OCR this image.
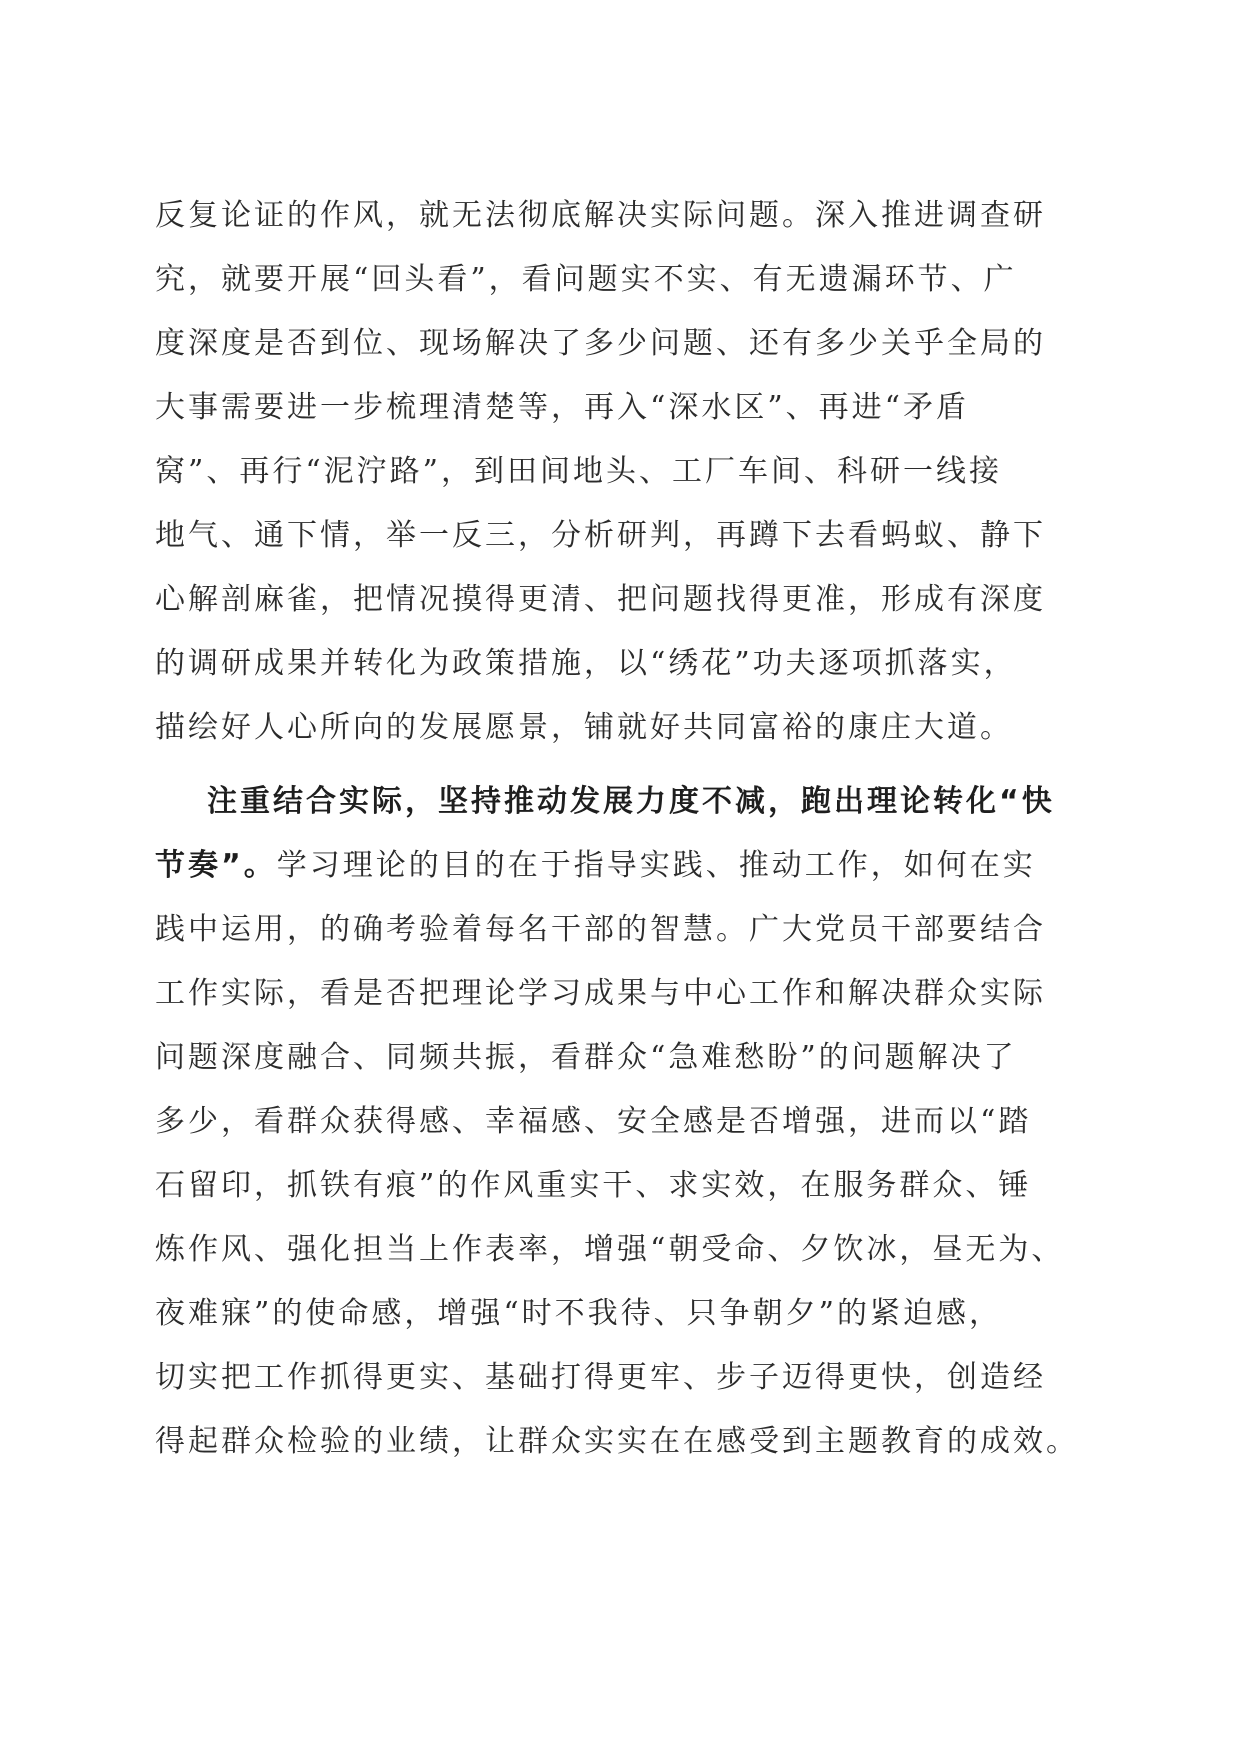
反复论证的作风，就无法彻底解决实际问题。深入推进调查研
究，就要开展“回头看”，看问题实不实、有无遗漏环节、广
度深度是否到位、现场解决了多少问题、还有多少关乎全局的
大事需要进一步梳理清楚等，再入“深水区”、再进“矛盾
窝”、再行“泥泞路”，到田间地头、工厂车间、科研一线接
地气、通下情，举一反三，分析研判，再蹲下去看蚂蚁、静下
心解剖麻雀，把情况摸得更清、把问题找得更准，形成有深度
的调研成果并转化为政策措施，以“绣花”功夫逐项抓落实，
描绘好人心所向的发展愿景，铺就好共同富裕的康庄大道。
注重结合实际，坚持推动发展力度不减，跑出理论转化“快
节奏”。学习理论的目的在于指导实践、推动工作，如何在实
践中运用，的确考验着每名干部的智慧。广大党员干部要结合
工作实际，看是否把理论学习成果与中心工作和解决群众实际
问题深度融合、同频共振，看群众“急难愁盼”的问题解决了
多少，看群众获得感、幸福感、安全感是否增强，进而以“踏
石留印，抓铁有痕”的作风重实干、求实效，在服务群众、锤
炼作风、强化担当上作表率，增强“朝受命、夕饮冰，昼无为、
夜难寐”的使命感，增强“时不我待、只争朝夕”的紧迫感，
切实把工作抓得更实、基础打得更牢、步子迈得更快，创造经
得起群众检验的业绩，让群众实实在在感受到主题教育的成效。
